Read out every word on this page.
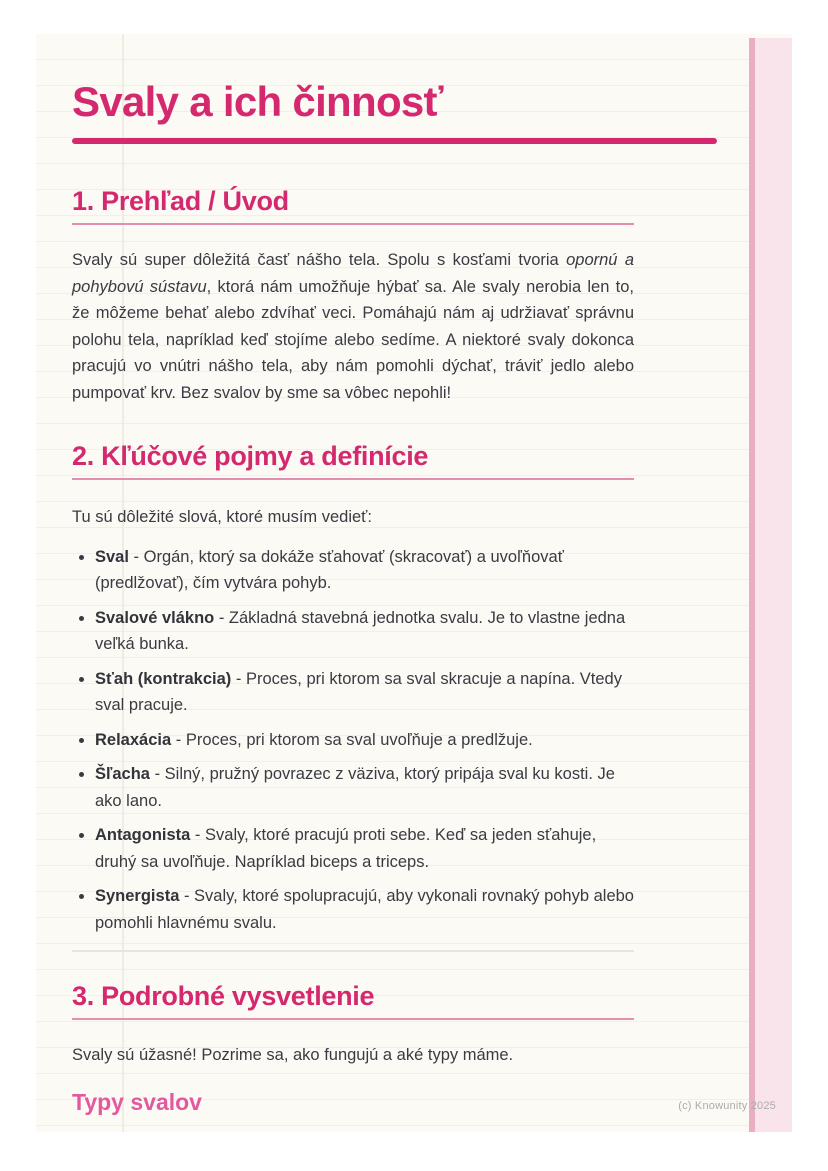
Svaly a ich činnosť
1. Prehľad / Úvod

Svaly sú super dôležitá časť nášho tela. Spolu s kosťami tvoria opornú a pohybovú sústavu, ktorá nám umožňuje hýbať sa. Ale svaly nerobia len to, že môžeme behať alebo zdvíhať veci. Pomáhajú nám aj udržiavať správnu polohu tela, napríklad keď stojíme alebo sedíme. A niektoré svaly dokonca pracujú vo vnútri nášho tela, aby nám pomohli dýchať, tráviť jedlo alebo pumpovať krv. Bez svalov by sme sa vôbec nepohli!

2. Kľúčové pojmy a definície
Tu sú dôležité slová, ktoré musím vedieť:
• Sval - Orgán, ktorý sa dokáže sťahovať (skracovať) a uvoľňovať (predlžovať), čím vytvára pohyb.
• Svalové vlákno - Základná stavebná jednotka svalu. Je to vlastne jedna veľká bunka.
• Sťah (kontrakcia) - Proces, pri ktorom sa sval skracuje a napína. Vtedy sval pracuje.
• Relaxácia - Proces, pri ktorom sa sval uvoľňuje a predlžuje.
• Šľacha - Silný, pružný povrazec z väziva, ktorý pripája sval ku kosti. Je ako lano.
• Antagonista - Svaly, ktoré pracujú proti sebe. Keď sa jeden sťahuje, druhý sa uvoľňuje. Napríklad biceps a triceps.
• Synergista - Svaly, ktoré spolupracujú, aby vykonali rovnaký pohyb alebo pomohli hlavnému svalu.
3. Podrobné vysvetlenie

Svaly sú úžasné! Pozrime sa, ako fungujú a aké typy máme.

Typy svalov	(c) Knowunity 2025
